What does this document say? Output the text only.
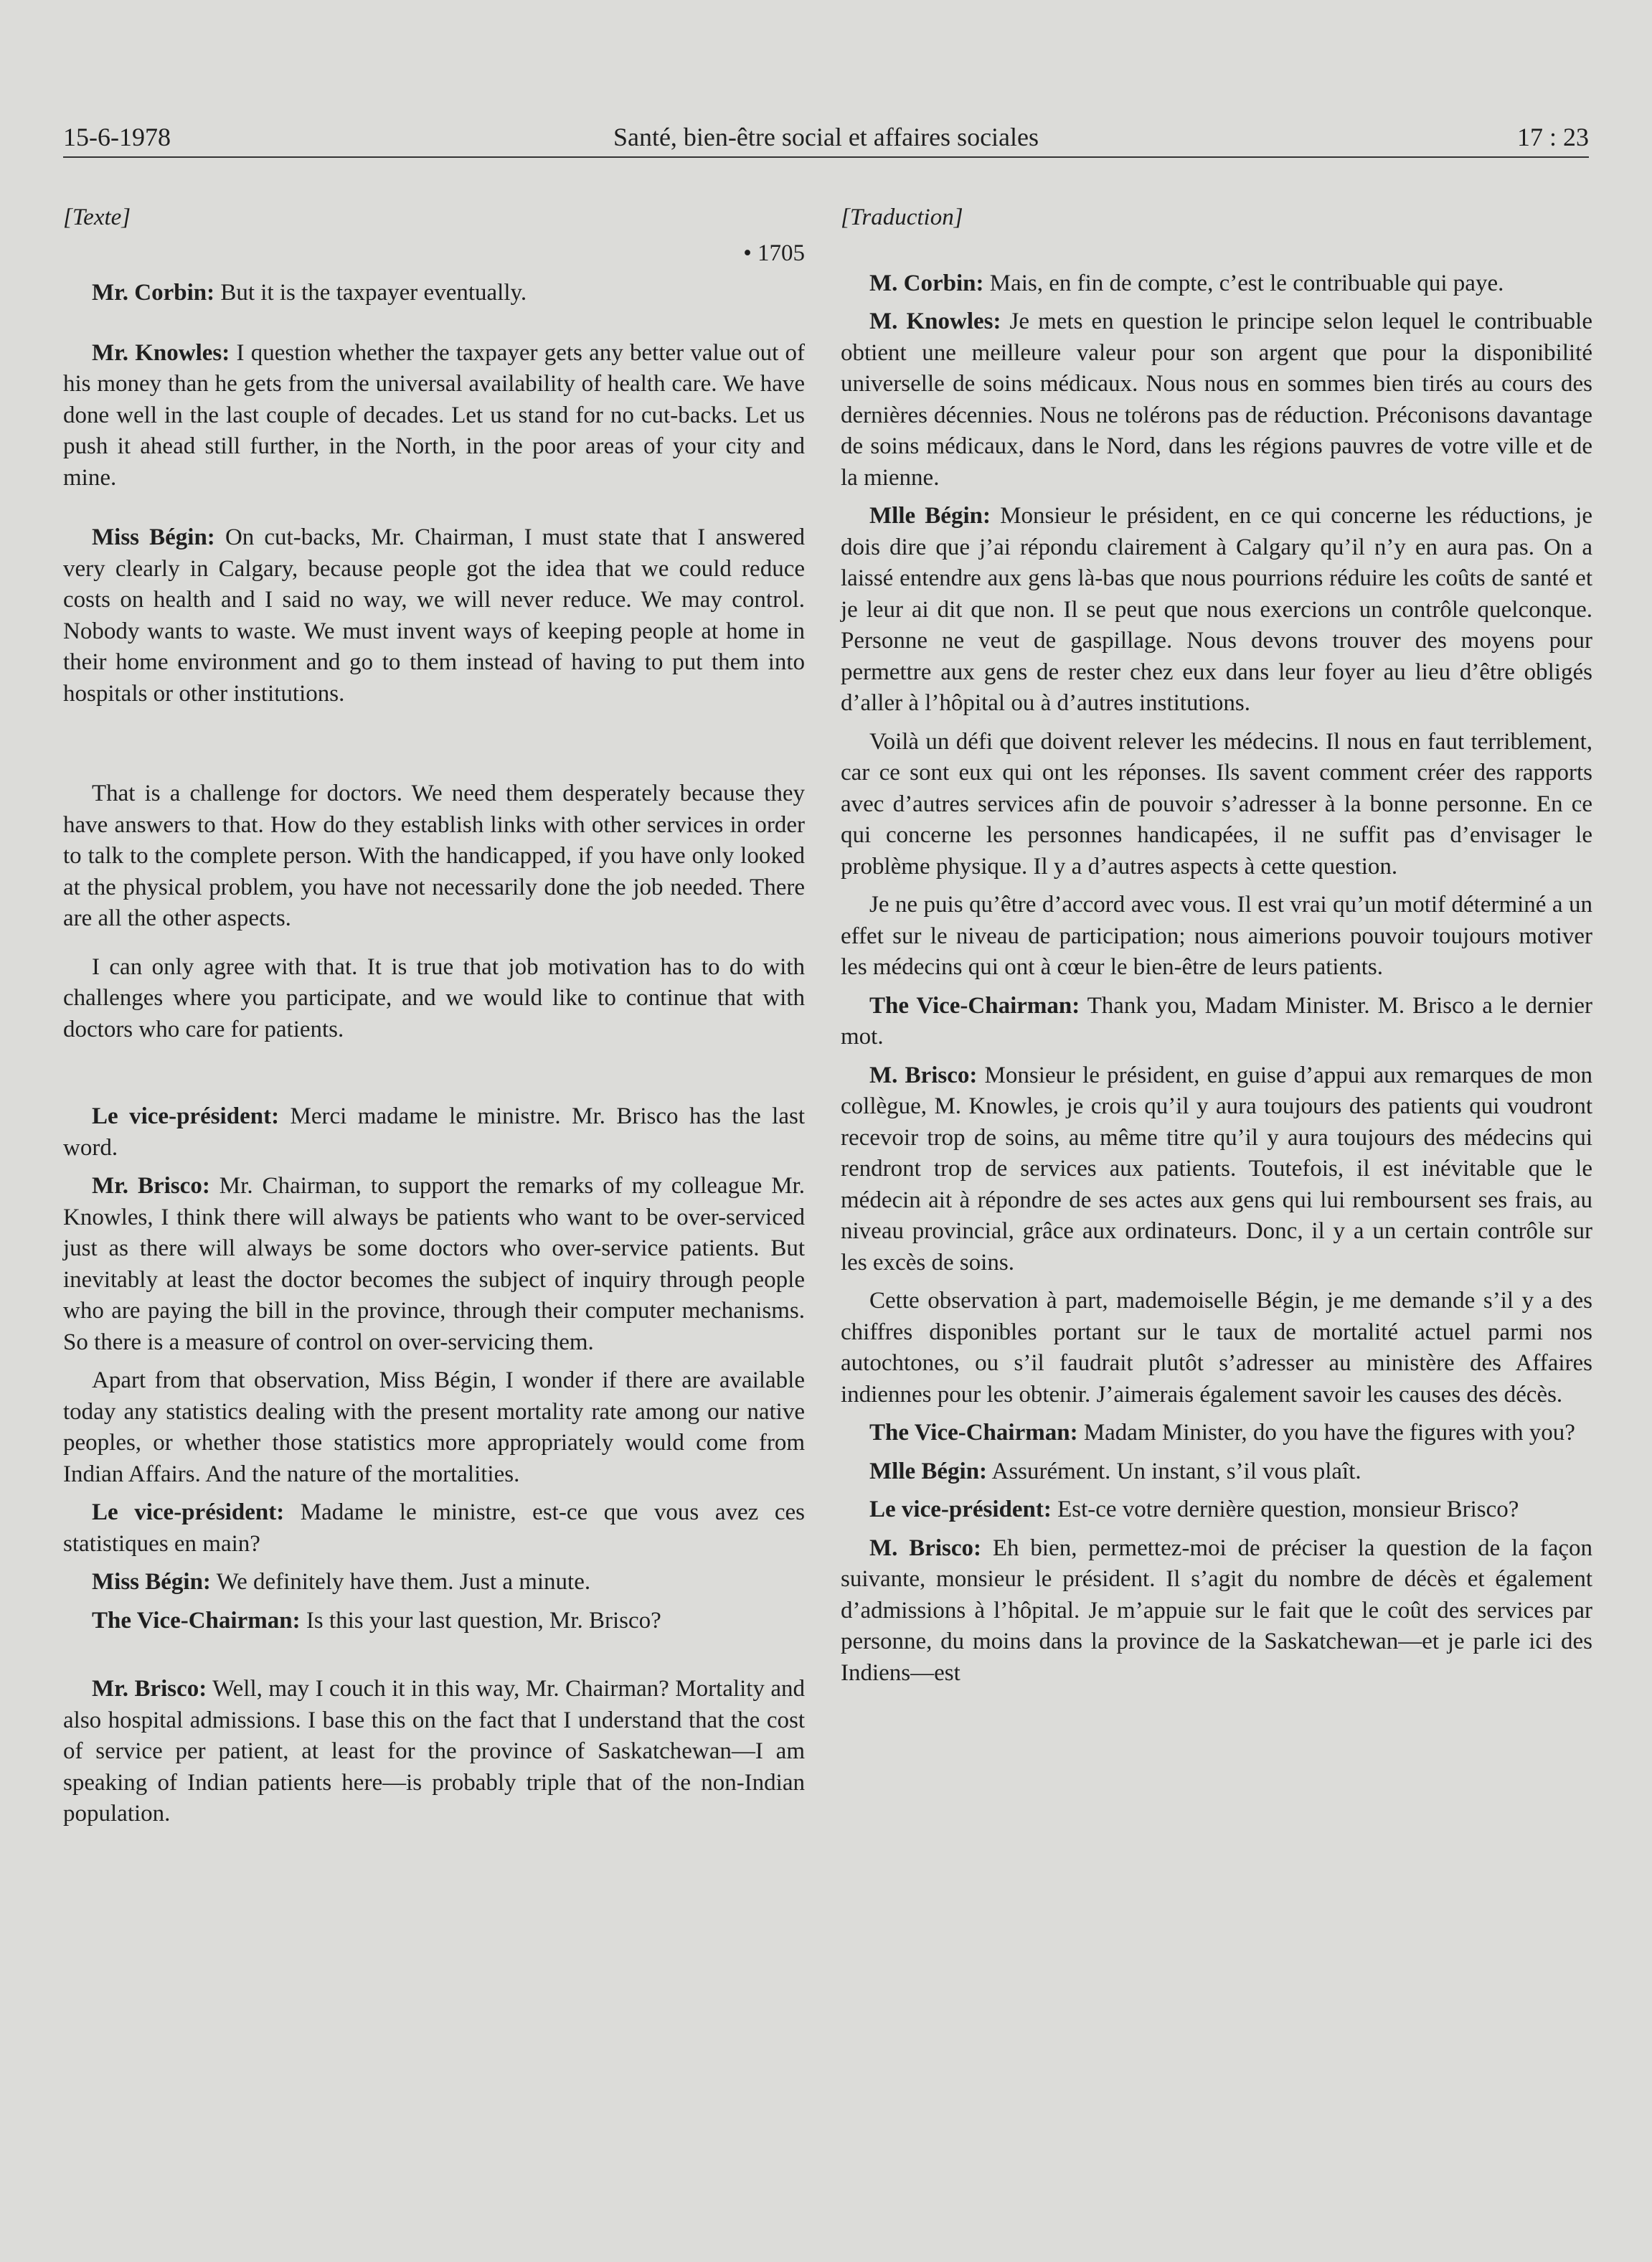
15-6-1978	Santé, bien-être social et affaires sociales	17 : 23

[Texte]

• 1705

Mr. Corbin: But it is the taxpayer eventually.

Mr. Knowles: I question whether the taxpayer gets any better value out of his money than he gets from the universal availability of health care. We have done well in the last couple of decades. Let us stand for no cut-backs. Let us push it ahead still further, in the North, in the poor areas of your city and mine.

Miss Bégin: On cut-backs, Mr. Chairman, I must state that I answered very clearly in Calgary, because people got the idea that we could reduce costs on health and I said no way, we will never reduce. We may control. Nobody wants to waste. We must invent ways of keeping people at home in their home environment and go to them instead of having to put them into hospitals or other institutions.

That is a challenge for doctors. We need them desperately because they have answers to that. How do they establish links with other services in order to talk to the complete person. With the handicapped, if you have only looked at the physical problem, you have not necessarily done the job needed. There are all the other aspects.

I can only agree with that. It is true that job motivation has to do with challenges where you participate, and we would like to continue that with doctors who care for patients.

Le vice-président: Merci madame le ministre. Mr. Brisco has the last word.

Mr. Brisco: Mr. Chairman, to support the remarks of my colleague Mr. Knowles, I think there will always be patients who want to be over-serviced just as there will always be some doctors who over-service patients. But inevitably at least the doctor becomes the subject of inquiry through people who are paying the bill in the province, through their computer mechanisms. So there is a measure of control on over-servicing them.

Apart from that observation, Miss Bégin, I wonder if there are available today any statistics dealing with the present mortality rate among our native peoples, or whether those statistics more appropriately would come from Indian Affairs. And the nature of the mortalities.

Le vice-président: Madame le ministre, est-ce que vous avez ces statistiques en main?

Miss Bégin: We definitely have them. Just a minute.

The Vice-Chairman: Is this your last question, Mr. Brisco?

Mr. Brisco: Well, may I couch it in this way, Mr. Chairman? Mortality and also hospital admissions. I base this on the fact that I understand that the cost of service per patient, at least for the province of Saskatchewan—I am speaking of Indian patients here—is probably triple that of the non-Indian population.

[Traduction]

M. Corbin: Mais, en fin de compte, c’est le contribuable qui paye.

M. Knowles: Je mets en question le principe selon lequel le contribuable obtient une meilleure valeur pour son argent que pour la disponibilité universelle de soins médicaux. Nous nous en sommes bien tirés au cours des dernières décennies. Nous ne tolérons pas de réduction. Préconisons davantage de soins médicaux, dans le Nord, dans les régions pauvres de votre ville et de la mienne.

Mlle Bégin: Monsieur le président, en ce qui concerne les réductions, je dois dire que j’ai répondu clairement à Calgary qu’il n’y en aura pas. On a laissé entendre aux gens là-bas que nous pourrions réduire les coûts de santé et je leur ai dit que non. Il se peut que nous exercions un contrôle quelconque. Personne ne veut de gaspillage. Nous devons trouver des moyens pour permettre aux gens de rester chez eux dans leur foyer au lieu d’être obligés d’aller à l’hôpital ou à d’autres institutions.

Voilà un défi que doivent relever les médecins. Il nous en faut terriblement, car ce sont eux qui ont les réponses. Ils savent comment créer des rapports avec d’autres services afin de pouvoir s’adresser à la bonne personne. En ce qui concerne les personnes handicapées, il ne suffit pas d’envisager le problème physique. Il y a d’autres aspects à cette question.

Je ne puis qu’être d’accord avec vous. Il est vrai qu’un motif déterminé a un effet sur le niveau de participation; nous aimerions pouvoir toujours motiver les médecins qui ont à cœur le bien-être de leurs patients.

The Vice-Chairman: Thank you, Madam Minister. M. Brisco a le dernier mot.

M. Brisco: Monsieur le président, en guise d’appui aux remarques de mon collègue, M. Knowles, je crois qu’il y aura toujours des patients qui voudront recevoir trop de soins, au même titre qu’il y aura toujours des médecins qui rendront trop de services aux patients. Toutefois, il est inévitable que le médecin ait à répondre de ses actes aux gens qui lui remboursent ses frais, au niveau provincial, grâce aux ordinateurs. Donc, il y a un certain contrôle sur les excès de soins.

Cette observation à part, mademoiselle Bégin, je me demande s’il y a des chiffres disponibles portant sur le taux de mortalité actuel parmi nos autochtones, ou s’il faudrait plutôt s’adresser au ministère des Affaires indiennes pour les obtenir. J’aimerais également savoir les causes des décès.

The Vice-Chairman: Madam Minister, do you have the figures with you?

Mlle Bégin: Assurément. Un instant, s’il vous plaît.

Le vice-président: Est-ce votre dernière question, monsieur Brisco?

M. Brisco: Eh bien, permettez-moi de préciser la question de la façon suivante, monsieur le président. Il s’agit du nombre de décès et également d’admissions à l’hôpital. Je m’appuie sur le fait que le coût des services par personne, du moins dans la province de la Saskatchewan—et je parle ici des Indiens—est
